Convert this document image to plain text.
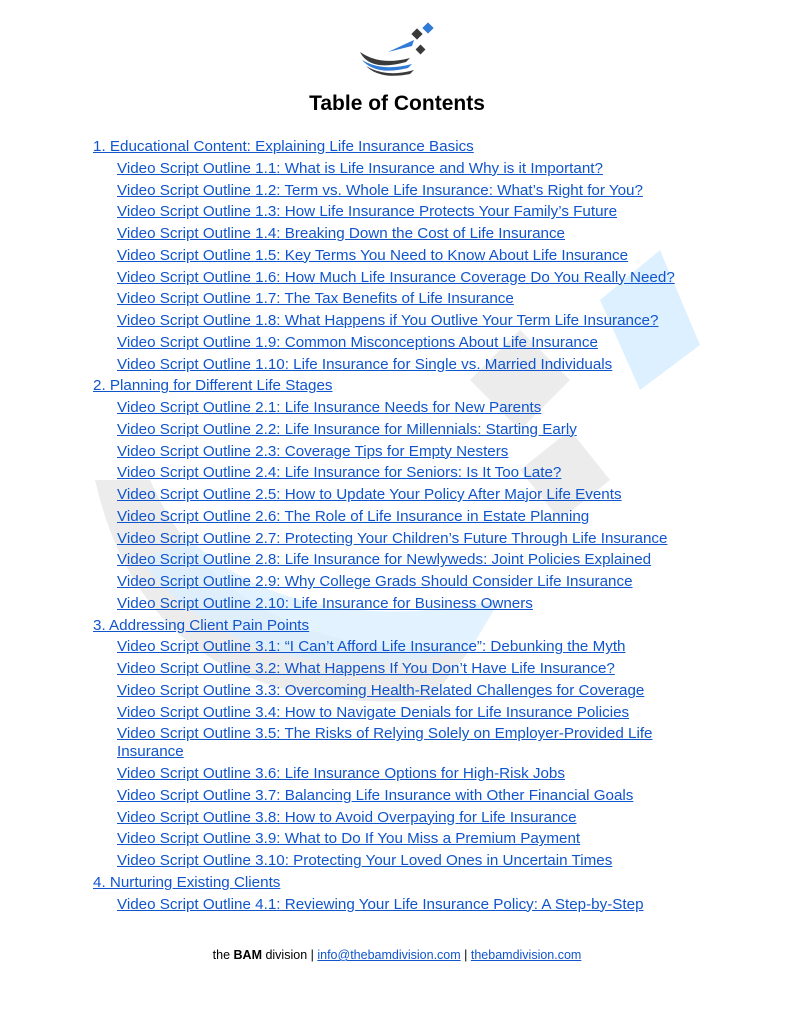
Table of Contents
1. Educational Content: Explaining Life Insurance Basics
Video Script Outline 1.1: What is Life Insurance and Why is it Important?
Video Script Outline 1.2: Term vs. Whole Life Insurance: What’s Right for You?
Video Script Outline 1.3: How Life Insurance Protects Your Family’s Future
Video Script Outline 1.4: Breaking Down the Cost of Life Insurance
Video Script Outline 1.5: Key Terms You Need to Know About Life Insurance
Video Script Outline 1.6: How Much Life Insurance Coverage Do You Really Need?
Video Script Outline 1.7: The Tax Benefits of Life Insurance
Video Script Outline 1.8: What Happens if You Outlive Your Term Life Insurance?
Video Script Outline 1.9: Common Misconceptions About Life Insurance
Video Script Outline 1.10: Life Insurance for Single vs. Married Individuals
2. Planning for Different Life Stages
Video Script Outline 2.1: Life Insurance Needs for New Parents
Video Script Outline 2.2: Life Insurance for Millennials: Starting Early
Video Script Outline 2.3: Coverage Tips for Empty Nesters
Video Script Outline 2.4: Life Insurance for Seniors: Is It Too Late?
Video Script Outline 2.5: How to Update Your Policy After Major Life Events
Video Script Outline 2.6: The Role of Life Insurance in Estate Planning
Video Script Outline 2.7: Protecting Your Children’s Future Through Life Insurance
Video Script Outline 2.8: Life Insurance for Newlyweds: Joint Policies Explained
Video Script Outline 2.9: Why College Grads Should Consider Life Insurance
Video Script Outline 2.10: Life Insurance for Business Owners
3. Addressing Client Pain Points
Video Script Outline 3.1: “I Can’t Afford Life Insurance”: Debunking the Myth
Video Script Outline 3.2: What Happens If You Don’t Have Life Insurance?
Video Script Outline 3.3: Overcoming Health-Related Challenges for Coverage
Video Script Outline 3.4: How to Navigate Denials for Life Insurance Policies
Video Script Outline 3.5: The Risks of Relying Solely on Employer-Provided Life Insurance
Video Script Outline 3.6: Life Insurance Options for High-Risk Jobs
Video Script Outline 3.7: Balancing Life Insurance with Other Financial Goals
Video Script Outline 3.8: How to Avoid Overpaying for Life Insurance
Video Script Outline 3.9: What to Do If You Miss a Premium Payment
Video Script Outline 3.10: Protecting Your Loved Ones in Uncertain Times
4. Nurturing Existing Clients
Video Script Outline 4.1: Reviewing Your Life Insurance Policy: A Step-by-Step
the BAM division | info@thebamdivision.com | thebamdivision.com
